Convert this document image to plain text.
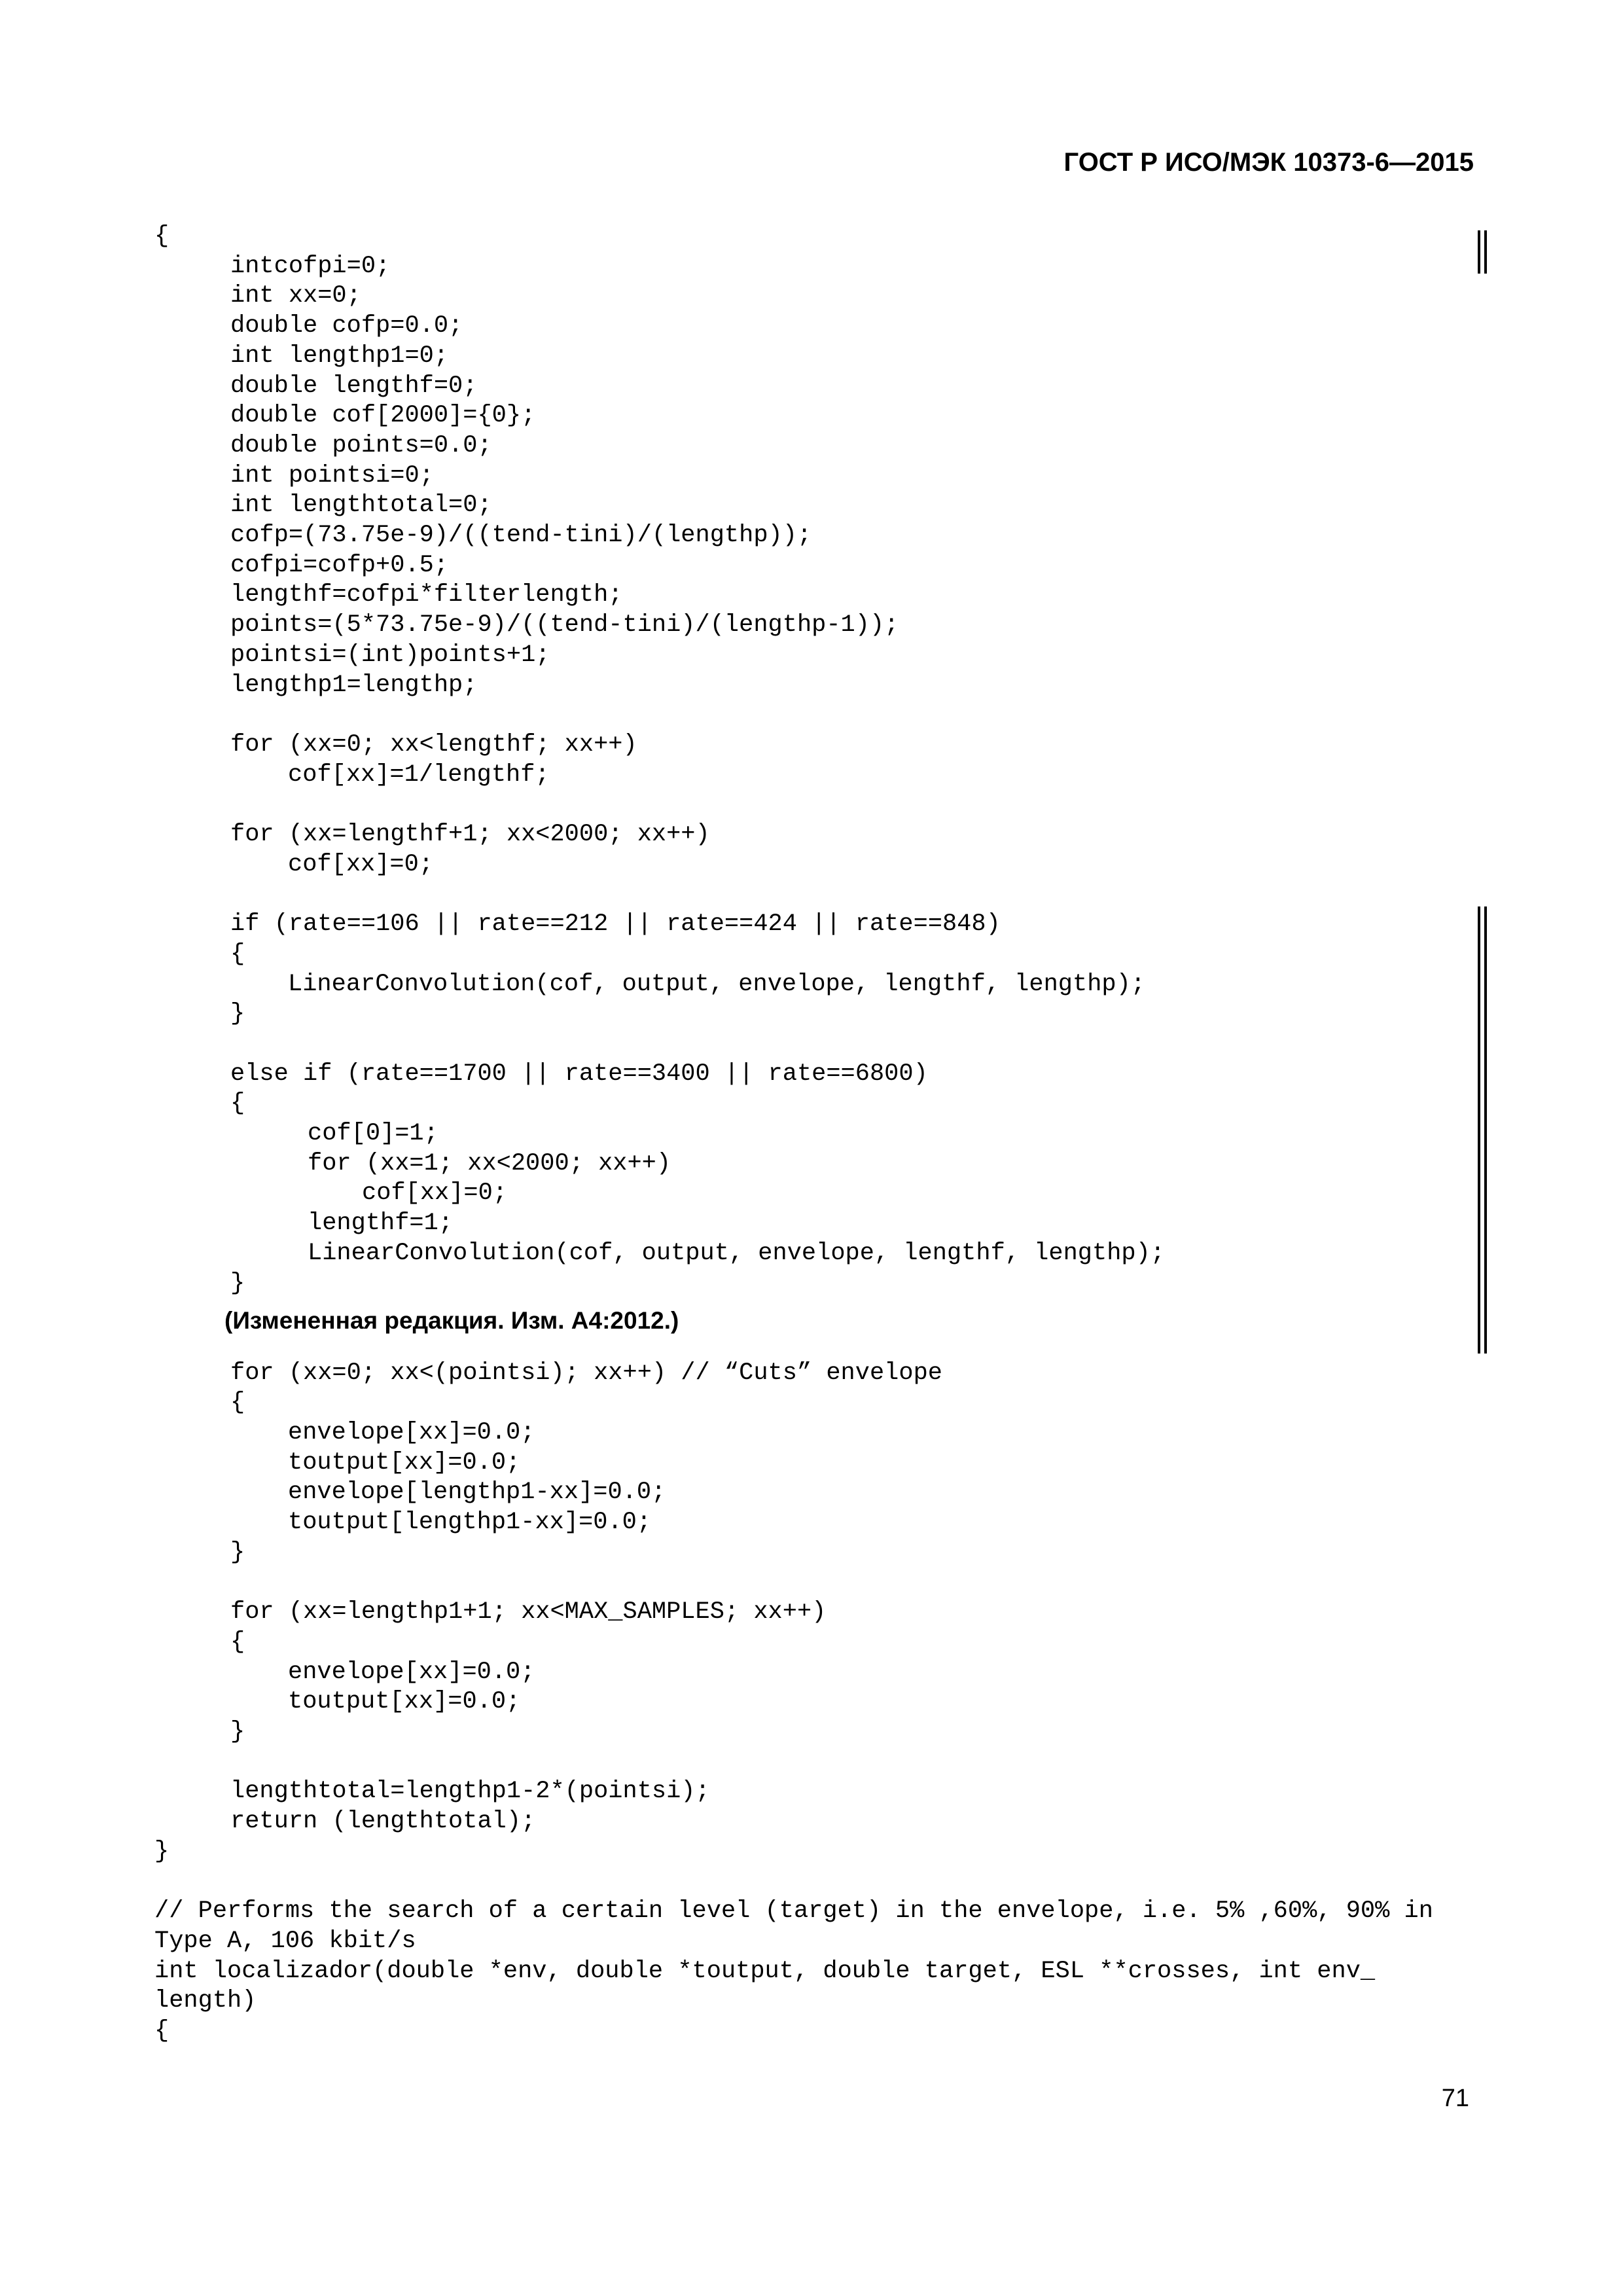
ГОСТ Р ИСО/МЭК 10373-6—2015
{
intcofpi=0;
int xx=0;
double cofp=0.0;
int lengthp1=0;
double lengthf=0;
double cof[2000]={0};
double points=0.0;
int pointsi=0;
int lengthtotal=0;
cofp=(73.75e-9)/((tend-tini)/(lengthp));
cofpi=cofp+0.5;
lengthf=cofpi*filterlength;
points=(5*73.75e-9)/((tend-tini)/(lengthp-1));
pointsi=(int)points+1;
lengthp1=lengthp;
for (xx=0; xx<lengthf; xx++)
cof[xx]=1/lengthf;
for (xx=lengthf+1; xx<2000; xx++)
cof[xx]=0;
if (rate==106 || rate==212 || rate==424 || rate==848)
{
LinearConvolution(cof, output, envelope, lengthf, lengthp);
}
else if (rate==1700 || rate==3400 || rate==6800)
{
cof[0]=1;
for (xx=1; xx<2000; xx++)
cof[xx]=0;
lengthf=1;
LinearConvolution(cof, output, envelope, lengthf, lengthp);
}
for (xx=0; xx<(pointsi); xx++) // “Cuts” envelope
{
envelope[xx]=0.0;
toutput[xx]=0.0;
envelope[lengthp1-xx]=0.0;
toutput[lengthp1-xx]=0.0;
}
for (xx=lengthp1+1; xx<MAX_SAMPLES; xx++)
{
envelope[xx]=0.0;
toutput[xx]=0.0;
}
lengthtotal=lengthp1-2*(pointsi);
return (lengthtotal);
}
// Performs the search of a certain level (target) in the envelope, i.e. 5% ,60%, 90% in
Type A, 106 kbit/s
int localizador(double *env, double *toutput, double target, ESL **crosses, int env_
length)
{
(Измененная редакция. Изм. А4:2012.)
71
